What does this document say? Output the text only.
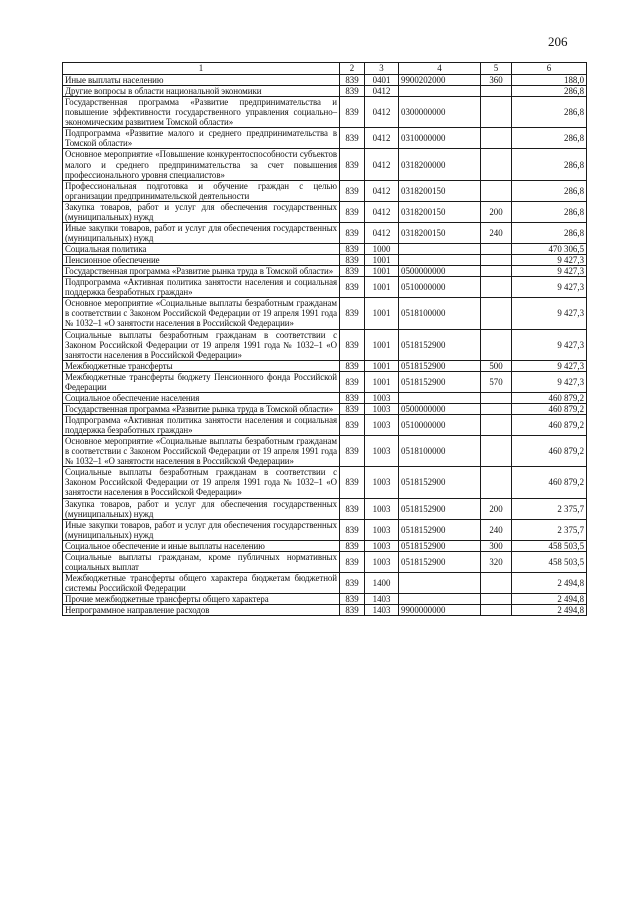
206
1	2	3	4	5	6
Иные выплаты населению	839	0401	9900202000	360	188,0
Другие вопросы в области национальной экономики	839	0412			286,8
Государственная программа «Развитие предпринимательства и повышение эффективности государственного управления социально–экономическим развитием Томской области»	839	0412	0300000000		286,8
Подпрограмма «Развитие малого и среднего предпринимательства в Томской области»	839	0412	0310000000		286,8
Основное мероприятие «Повышение конкурентоспособности субъектов малого и среднего предпринимательства за счет повышения профессионального уровня специалистов»	839	0412	0318200000		286,8
Профессиональная подготовка и обучение граждан с целью организации предпринимательской деятельности	839	0412	0318200150		286,8
Закупка товаров, работ и услуг для обеспечения государственных (муниципальных) нужд	839	0412	0318200150	200	286,8
Иные закупки товаров, работ и услуг для обеспечения государственных (муниципальных) нужд	839	0412	0318200150	240	286,8
Социальная политика	839	1000			470 306,5
Пенсионное обеспечение	839	1001			9 427,3
Государственная программа «Развитие рынка труда в Томской области»	839	1001	0500000000		9 427,3
Подпрограмма «Активная политика занятости населения и социальная поддержка безработных граждан»	839	1001	0510000000		9 427,3
Основное мероприятие «Социальные выплаты безработным гражданам в соответствии с Законом Российской Федерации от 19 апреля 1991 года № 1032–1 «О занятости населения в Российской Федерации»	839	1001	0518100000		9 427,3
Социальные выплаты безработным гражданам в соответствии с Законом Российской Федерации от 19 апреля 1991 года № 1032–1 «О занятости населения в Российской Федерации»	839	1001	0518152900		9 427,3
Межбюджетные трансферты	839	1001	0518152900	500	9 427,3
Межбюджетные трансферты бюджету Пенсионного фонда Российской Федерации	839	1001	0518152900	570	9 427,3
Социальное обеспечение населения	839	1003			460 879,2
Государственная программа «Развитие рынка труда в Томской области»	839	1003	0500000000		460 879,2
Подпрограмма «Активная политика занятости населения и социальная поддержка безработных граждан»	839	1003	0510000000		460 879,2
Основное мероприятие «Социальные выплаты безработным гражданам в соответствии с Законом Российской Федерации от 19 апреля 1991 года № 1032–1 «О занятости населения в Российской Федерации»	839	1003	0518100000		460 879,2
Социальные выплаты безработным гражданам в соответствии с Законом Российской Федерации от 19 апреля 1991 года № 1032–1 «О занятости населения в Российской Федерации»	839	1003	0518152900		460 879,2
Закупка товаров, работ и услуг для обеспечения государственных (муниципальных) нужд	839	1003	0518152900	200	2 375,7
Иные закупки товаров, работ и услуг для обеспечения государственных (муниципальных) нужд	839	1003	0518152900	240	2 375,7
Социальное обеспечение и иные выплаты населению	839	1003	0518152900	300	458 503,5
Социальные выплаты гражданам, кроме публичных нормативных социальных выплат	839	1003	0518152900	320	458 503,5
Межбюджетные трансферты общего характера бюджетам бюджетной системы Российской Федерации	839	1400			2 494,8
Прочие межбюджетные трансферты общего характера	839	1403			2 494,8
Непрограммное направление расходов	839	1403	9900000000		2 494,8
